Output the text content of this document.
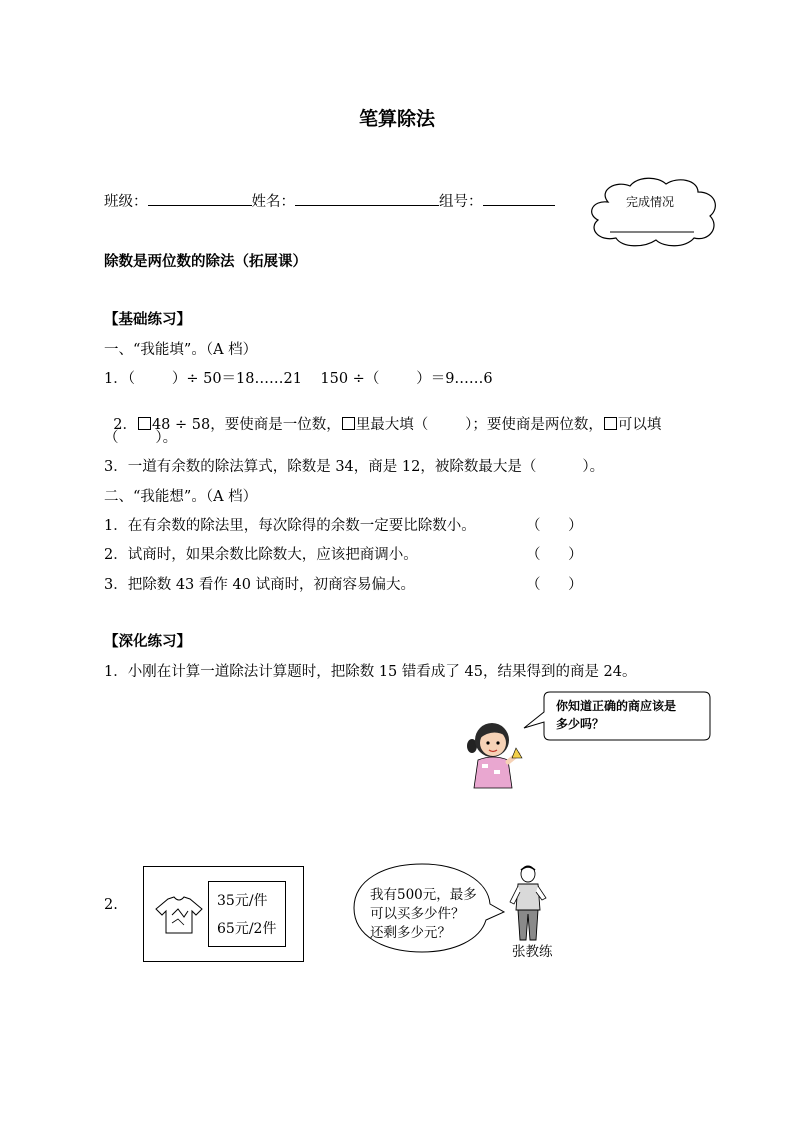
笔算除法
班级：	姓名：	组号：	完成情况
除数是两位数的除法（拓展课）
【基础练习】
一、“我能填”。（A 档）
1．（        ）÷ 50＝18……21    150 ÷（        ）＝9……6

2． 48 ÷ 58，要使商是一位数， 里最大填（        ）；要使商是两位数， 可以填

（        ）。
3．一道有余数的除法算式，除数是 34，商是 12，被除数最大是（          ）。
二、“我能想”。（A 档）
1．在有余数的除法里，每次除得的余数一定要比除数小。	（      ）
2．试商时，如果余数比除数大，应该把商调小。	（      ）
3．把除数 43 看作 40 试商时，初商容易偏大。	（      ）
【深化练习】
1．小刚在计算一道除法计算题时，把除数 15 错看成了 45，结果得到的商是 24。
你知道正确的商应该是
多少吗？
2.	35元/件
65元/2件
我有500元，最多
可以买多少件？
还剩多少元？
张教练
